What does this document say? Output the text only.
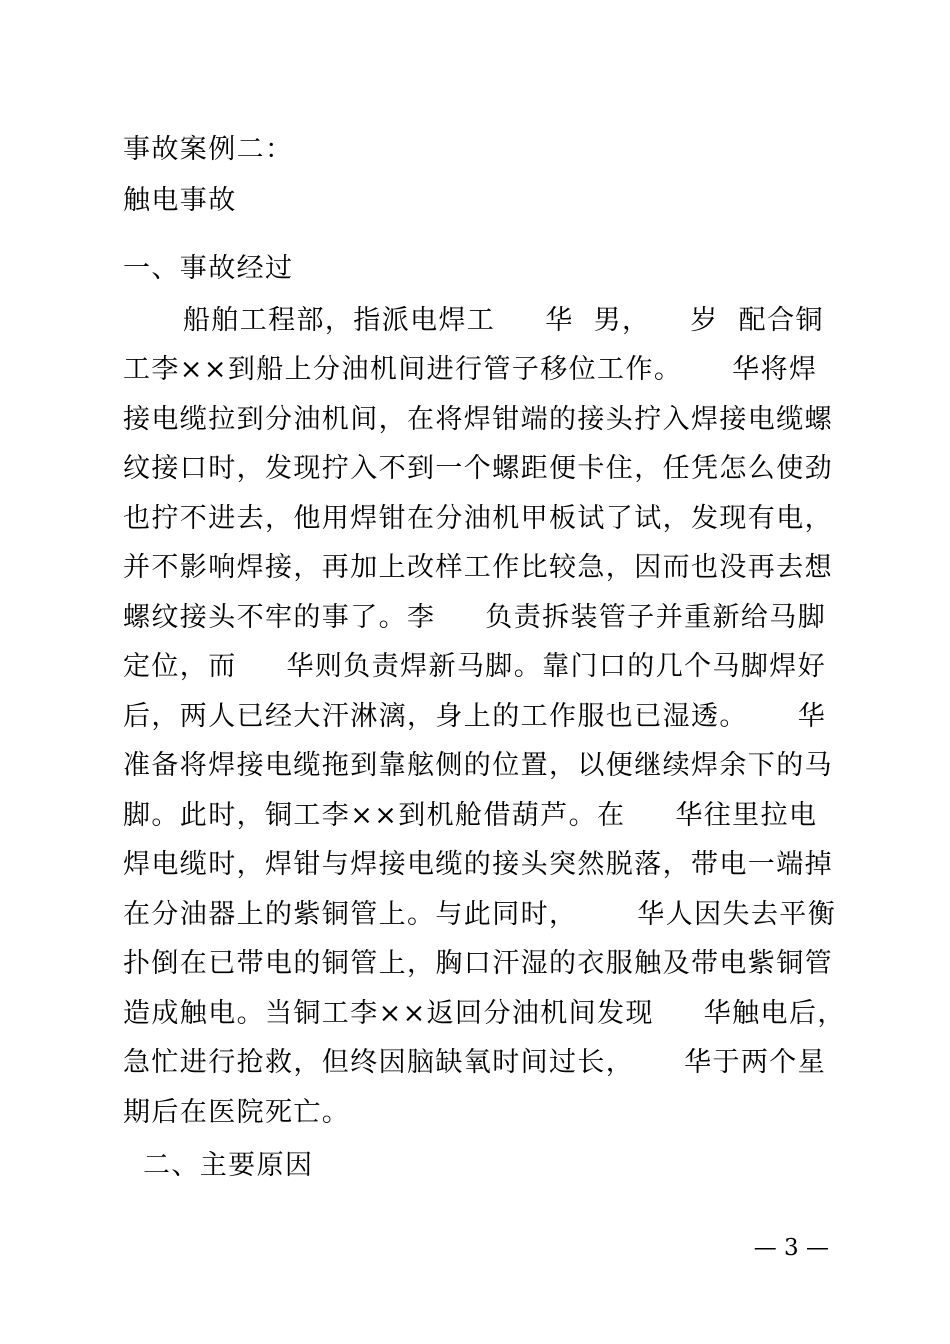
事故案例二：
触电事故
一、事故经过
船舶工程部，指派电焊工     华  男，    岁  配合铜
工李××到船上分油机间进行管子移位工作。     华将焊
接电缆拉到分油机间，在将焊钳端的接头拧入焊接电缆螺
纹接口时，发现拧入不到一个螺距便卡住，任凭怎么使劲
也拧不进去，他用焊钳在分油机甲板试了试，发现有电，
并不影响焊接，再加上改样工作比较急，因而也没再去想
螺纹接头不牢的事了。李     负责拆装管子并重新给马脚
定位，而     华则负责焊新马脚。靠门口的几个马脚焊好
后，两人已经大汗淋漓，身上的工作服也已湿透。     华
准备将焊接电缆拖到靠舷侧的位置，以便继续焊余下的马
脚。此时，铜工李××到机舱借葫芦。在     华往里拉电
焊电缆时，焊钳与焊接电缆的接头突然脱落，带电一端掉
在分油器上的紫铜管上。与此同时，      华人因失去平衡
扑倒在已带电的铜管上，胸口汗湿的衣服触及带电紫铜管
造成触电。当铜工李××返回分油机间发现     华触电后，
急忙进行抢救，但终因脑缺氧时间过长，     华于两个星
期后在医院死亡。
二、主要原因
— 3 —
